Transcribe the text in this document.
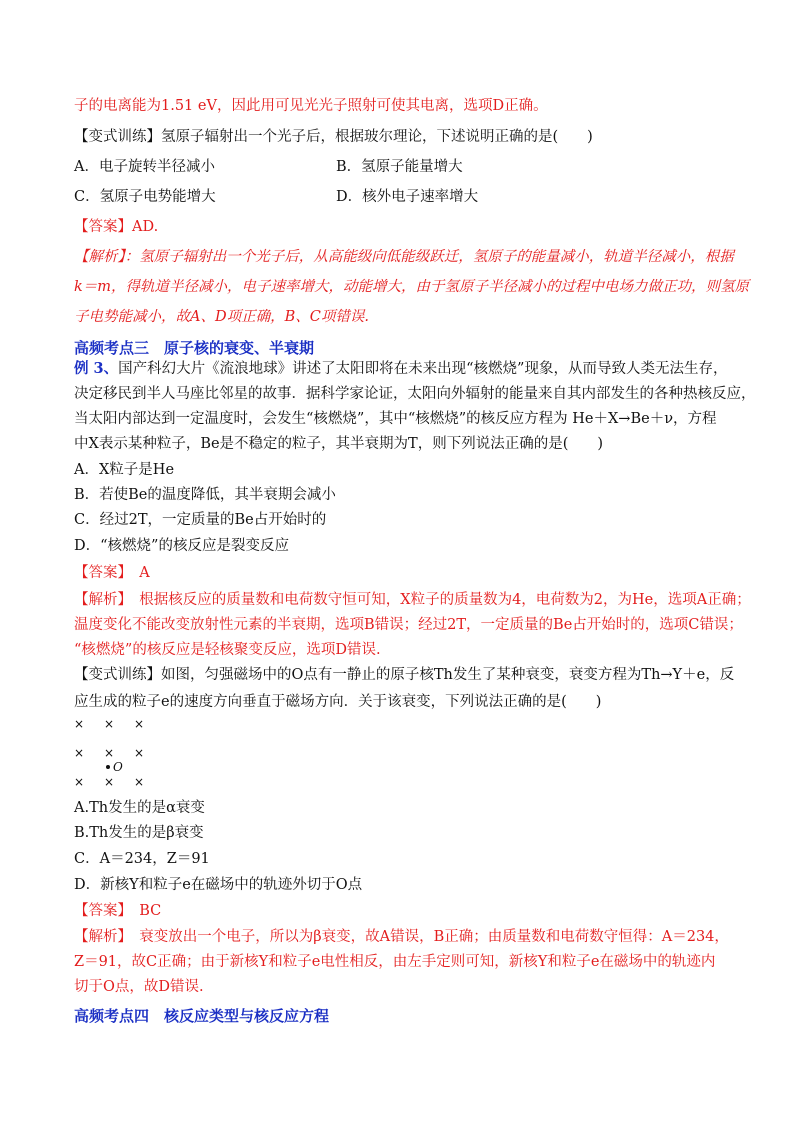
子的电离能为1.51 eV，因此用可见光光子照射可使其电离，选项D正确。
【变式训练】氢原子辐射出一个光子后，根据玻尔理论，下述说明正确的是(　　)
A．电子旋转半径减小	B．氢原子能量增大
C．氢原子电势能增大	D．核外电子速率增大
【答案】AD.
【解析】：氢原子辐射出一个光子后，从高能级向低能级跃迁，氢原子的能量减小，轨道半径减小，根据
k＝m，得轨道半径减小，电子速率增大，动能增大，由于氢原子半径减小的过程中电场力做正功，则氢原
子电势能减小，故A、D项正确，B、C项错误.
高频考点三　原子核的衰变、半衰期
例 3、国产科幻大片《流浪地球》讲述了太阳即将在未来出现“核燃烧”现象，从而导致人类无法生存，
决定移民到半人马座比邻星的故事．据科学家论证，太阳向外辐射的能量来自其内部发生的各种热核反应，
当太阳内部达到一定温度时，会发生“核燃烧”，其中“核燃烧”的核反应方程为 He＋X→Be＋ν，方程
中X表示某种粒子，Be是不稳定的粒子，其半衰期为T，则下列说法正确的是(　　)
A．X粒子是He
B．若使Be的温度降低，其半衰期会减小
C．经过2T，一定质量的Be占开始时的
D．“核燃烧”的核反应是裂变反应
【答案】　A
【解析】　根据核反应的质量数和电荷数守恒可知，X粒子的质量数为4，电荷数为2，为He，选项A正确；
温度变化不能改变放射性元素的半衰期，选项B错误；经过2T，一定质量的Be占开始时的，选项C错误；
“核燃烧”的核反应是轻核聚变反应，选项D错误.
【变式训练】如图，匀强磁场中的O点有一静止的原子核Th发生了某种衰变，衰变方程为Th→Y＋e，反
应生成的粒子e的速度方向垂直于磁场方向．关于该衰变，下列说法正确的是(　　)
× × ×
× × ×
O
× × ×
A.Th发生的是α衰变
B.Th发生的是β衰变
C．A＝234，Z＝91
D．新核Y和粒子e在磁场中的轨迹外切于O点
【答案】　BC
【解析】　衰变放出一个电子，所以为β衰变，故A错误，B正确；由质量数和电荷数守恒得：A＝234，
Z＝91，故C正确；由于新核Y和粒子e电性相反，由左手定则可知，新核Y和粒子e在磁场中的轨迹内
切于O点，故D错误.
高频考点四　核反应类型与核反应方程
